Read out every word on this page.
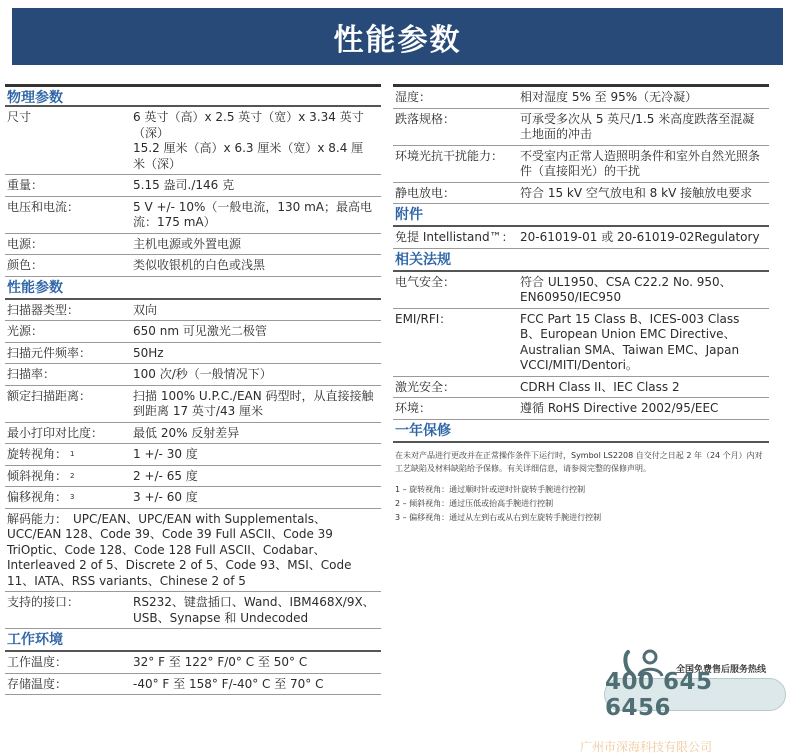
性能参数
物理参数
尺寸	6 英寸（高）x 2.5 英寸（宽）x 3.34 英寸（深）
15.2 厘米（高）x 6.3 厘米（宽）x 8.4 厘米（深）
重量：	5.15 盎司./146 克
电压和电流：	5 V +/- 10%（一般电流，130 mA；最高电流：175 mA）
电源：	主机电源或外置电源
颜色：	类似收银机的白色或浅黑
性能参数
扫描器类型：	双向
光源：	650 nm 可见激光二极管
扫描元件频率：	50Hz
扫描率：	100 次/秒（一般情况下）
额定扫描距离：	扫描 100% U.P.C./EAN 码型时，从直接接触到距离 17 英寸/43 厘米
最小打印对比度：	最低 20% 反射差异
旋转视角： $^1$	1 +/- 30 度
倾斜视角： $^2$	2 +/- 65 度
偏移视角： $^3$	3 +/- 60 度
解码能力：　UPC/EAN、UPC/EAN with Supplementals、UCC/EAN 128、Code 39、Code 39 Full ASCII、Code 39 TriOptic、Code 128、Code 128 Full ASCII、Codabar、Interleaved 2 of 5、Discrete 2 of 5、Code 93、MSI、Code 11、IATA、RSS variants、Chinese 2 of 5
支持的接口：	RS232、键盘插口、Wand、IBM468X/9X、USB、Synapse 和 Undecoded
工作环境
工作温度：	32° F 至 122° F/0° C 至 50° C
存储温度：	-40° F 至 158° F/-40° C 至 70° C
湿度：	相对湿度 5% 至 95%（无冷凝）
跌落规格：	可承受多次从 5 英尺/1.5 米高度跌落至混凝土地面的冲击
环境光抗干扰能力：	不受室内正常人造照明条件和室外自然光照条件（直接阳光）的干扰
静电放电：	符合 15 kV 空气放电和 8 kV 接触放电要求
附件
免提 Intellistand™： 20-61019-01 或 20-61019-02Regulatory
相关法规
电气安全：	符合 UL1950、CSA C22.2 No. 950、EN60950/IEC950
EMI/RFI：	FCC Part 15 Class B、ICES-003 Class B、European Union EMC Directive、Australian SMA、Taiwan EMC、Japan VCCI/MITI/Dentori。
激光安全：	CDRH Class II、IEC Class 2
环境：	遵循 RoHS Directive 2002/95/EEC
一年保修
在未对产品进行更改并在正常操作条件下运行时，Symbol LS2208 自交付之日起 2 年（24 个月）内对工艺缺陷及材料缺陷给予保修。有关详细信息，请参阅完整的保修声明。
1 – 旋转视角：通过顺时针或逆时针旋转手腕进行控制
2 – 倾斜视角：通过压低或抬高手腕进行控制
3 – 偏移视角：通过从左到右或从右到左旋转手腕进行控制
全国免费售后服务热线
400 645 6456
广州市深海科技有限公司
